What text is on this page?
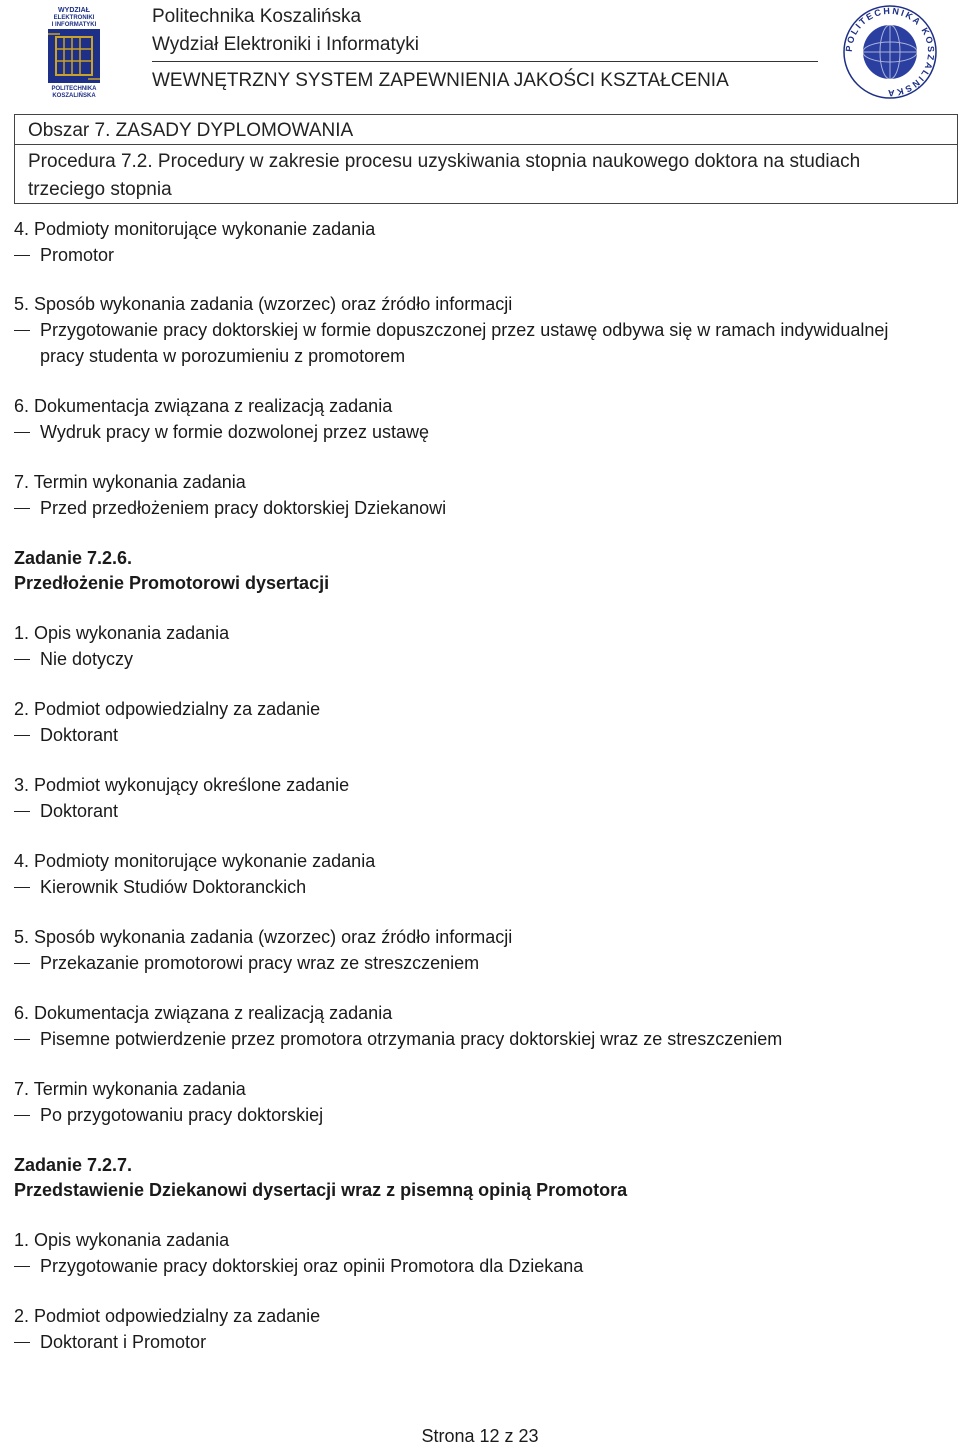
WYDZIAŁ
ELEKTRONIKI
I INFORMATYKI
POLITECHNIKA
KOSZALIŃSKA
Politechnika Koszalińska
Wydział Elektroniki i Informatyki
WEWNĘTRZNY SYSTEM ZAPEWNIENIA JAKOŚCI KSZTAŁCENIA
POLITECHNIKA KOSZALIŃSKA
Obszar 7. ZASADY DYPLOMOWANIA
Procedura 7.2. Procedury w zakresie procesu uzyskiwania stopnia naukowego doktora na studiach
trzeciego stopnia
4. Podmioty monitorujące wykonanie zadania
Promotor
5. Sposób wykonania zadania (wzorzec) oraz źródło informacji
Przygotowanie pracy doktorskiej w formie dopuszczonej przez ustawę odbywa się w ramach indywidualnej
pracy studenta w porozumieniu z promotorem
6. Dokumentacja związana z realizacją zadania
Wydruk pracy w formie dozwolonej przez ustawę
7. Termin wykonania zadania
Przed przedłożeniem pracy doktorskiej Dziekanowi
Zadanie 7.2.6.
Przedłożenie Promotorowi dysertacji
1. Opis wykonania zadania
Nie dotyczy
2. Podmiot odpowiedzialny za zadanie
Doktorant
3. Podmiot wykonujący określone zadanie
Doktorant
4. Podmioty monitorujące wykonanie zadania
Kierownik Studiów Doktoranckich
5. Sposób wykonania zadania (wzorzec) oraz źródło informacji
Przekazanie promotorowi pracy wraz ze streszczeniem
6. Dokumentacja związana z realizacją zadania
Pisemne potwierdzenie przez promotora otrzymania pracy doktorskiej wraz ze streszczeniem
7. Termin wykonania zadania
Po przygotowaniu pracy doktorskiej
Zadanie 7.2.7.
Przedstawienie Dziekanowi dysertacji wraz z pisemną opinią Promotora
1. Opis wykonania zadania
Przygotowanie pracy doktorskiej oraz opinii Promotora dla Dziekana
2. Podmiot odpowiedzialny za zadanie
Doktorant i Promotor
Strona 12 z 23
